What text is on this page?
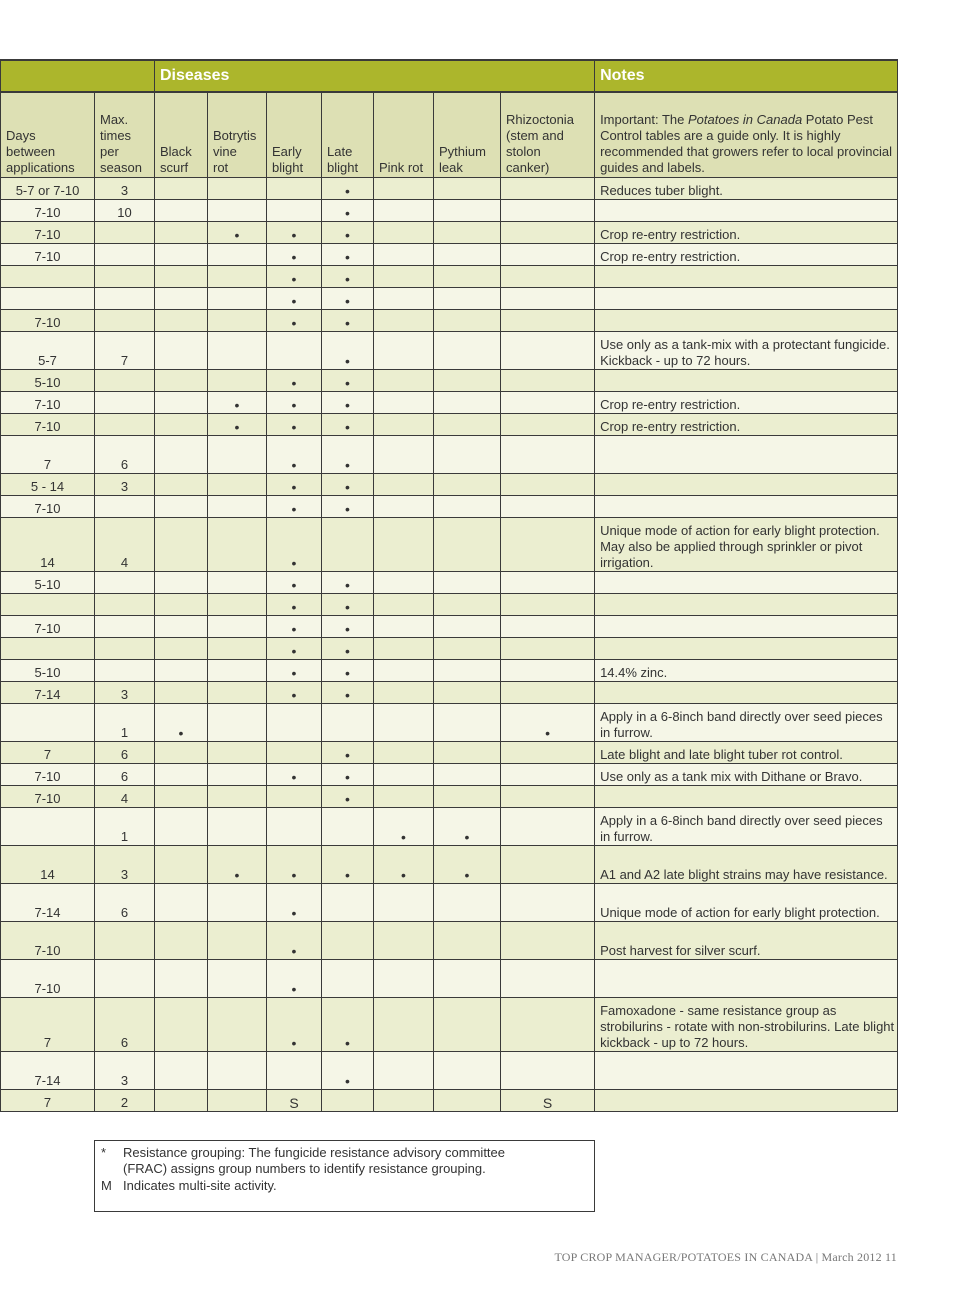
		Diseases							Notes
Days
between
applications	Max.
times
per
season	Black
scurf	Botrytis
vine
rot	Early
blight	Late
blight	Pink rot	Pythium
leak	Rhizoctonia
(stem and
stolon
canker)	Important: The Potatoes in Canada Potato Pest Control tables are a guide only. It is highly recommended that growers refer to local provincial guides and labels.
5-7 or 7-10	3				•				Reduces tuber blight.
7-10	10				•				
7-10			•	•	•				Crop re-entry restriction.
7-10				•	•				Crop re-entry restriction.
				•	•				
				•	•				
7-10				•	•				
5-7	7				•				Use only as a tank-mix with a protectant fungicide. Kickback - up to 72 hours.
5-10				•	•				
7-10			•	•	•				Crop re-entry restriction.
7-10			•	•	•				Crop re-entry restriction.
7	6			•	•				
5 - 14	3			•	•				
7-10				•	•				
14	4			•					Unique mode of action for early blight protection. May also be applied through sprinkler or pivot irrigation.
5-10				•	•				
				•	•				
7-10				•	•				
				•	•				
5-10				•	•				14.4% zinc.
7-14	3			•	•				
	1	•						•	Apply in a 6-8inch band directly over seed pieces in furrow.
7	6				•				Late blight and late blight tuber rot control.
7-10	6			•	•				Use only as a tank mix with Dithane or Bravo.
7-10	4				•				
	1					•	•		Apply in a 6-8inch band directly over seed pieces in furrow.
14	3		•	•	•	•	•		A1 and A2 late blight strains may have resistance.
7-14	6			•					Unique mode of action for early blight protection.
7-10				•					Post harvest for silver scurf.
7-10				•					
7	6			•	•				Famoxadone - same resistance group as strobilurins - rotate with non-strobilurins. Late blight kickback - up to 72 hours.
7-14	3				•				
7	2			S				S	
* Resistance grouping: The fungicide resistance advisory committee
(FRAC) assigns group numbers to identify resistance grouping.
M Indicates multi-site activity.
TOP CROP MANAGER/POTATOES IN CANADA | March 2012 11
